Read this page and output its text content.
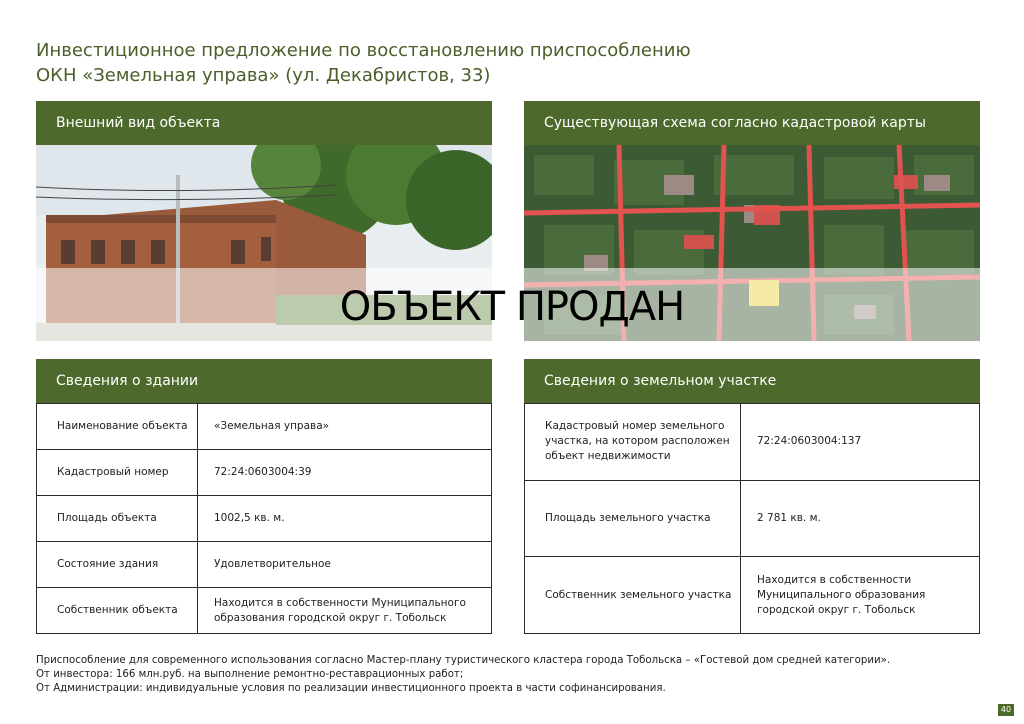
Инвестиционное предложение по восстановлению приспособлению
ОКН «Земельная управа» (ул. Декабристов, 33)
Внешний вид объекта	Существующая схема согласно кадастровой карты
ОБЪЕКТ ПРОДАН
Сведения о здании
Наименование объекта	«Земельная управа»
Кадастровый номер	72:24:0603004:39
Площадь объекта	1002,5 кв. м.
Состояние здания	Удовлетворительное
Собственник объекта	Находится в собственности Муниципального образования городской округ г. Тобольск
Сведения о земельном участке
Кадастровый номер земельного участка, на котором расположен объект недвижимости	72:24:0603004:137
Площадь земельного участка	2 781 кв. м.
Собственник земельного участка	Находится в собственности Муниципального образования городской округ г. Тобольск
Приспособление для современного использования согласно Мастер-плану туристического кластера города Тобольска – «Гостевой дом средней категории».
От инвестора: 166 млн.руб. на выполнение ремонтно-реставрационных работ;
От Администрации: индивидуальные условия по реализации инвестиционного проекта в части софинансирования.
40
